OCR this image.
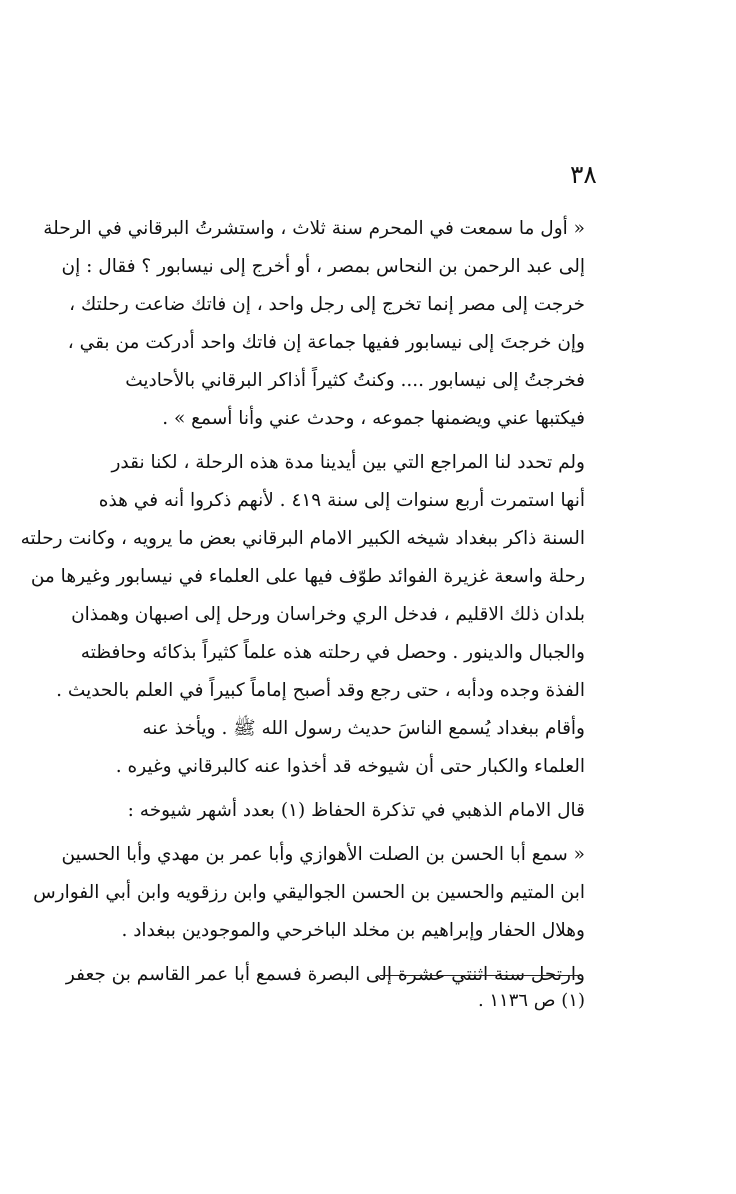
٣٨
« أول ما سمعت في المحرم سنة ثلاث ، واستشرتُ البرقاني في الرحلة
إلى عبد الرحمن بن النحاس بمصر ، أو أخرج إلى نيسابور ؟ فقال : إن
خرجت إلى مصر إنما تخرج إلى رجل واحد ، إن فاتك ضاعت رحلتك ،
وإن خرجتَ إلى نيسابور ففيها جماعة إن فاتك واحد أدركت من بقي ،
فخرجتُ إلى نيسابور .... وكنتُ كثيراً أذاكر البرقاني بالأحاديث
فيكتبها عني ويضمنها جموعه ، وحدث عني وأنا أسمع » .
ولم تحدد لنا المراجع التي بين أيدينا مدة هذه الرحلة ، لكنا نقدر
أنها استمرت أربع سنوات إلى سنة ٤١٩ . لأنهم ذكروا أنه في هذه
السنة ذاكر ببغداد شيخه الكبير الامام البرقاني بعض ما يرويه ، وكانت رحلته
رحلة واسعة غزيرة الفوائد طوّف فيها على العلماء في نيسابور وغيرها من
بلدان ذلك الاقليم ، فدخل الري وخراسان ورحل إلى اصبهان وهمذان
والجبال والدينور . وحصل في رحلته هذه علماً كثيراً بذكائه وحافظته
الفذة وجده ودأبه ، حتى رجع وقد أصبح إماماً كبيراً في العلم بالحديث .
وأقام ببغداد يُسمع الناسَ حديث رسول الله ﷺ . ويأخذ عنه
العلماء والكبار حتى أن شيوخه قد أخذوا عنه كالبرقاني وغيره .
قال الامام الذهبي في تذكرة الحفاظ (١) بعدد أشهر شيوخه :
« سمع أبا الحسن بن الصلت الأهوازي وأبا عمر بن مهدي وأبا الحسين
ابن المتيم والحسين بن الحسن الجواليقي وابن رزقويه وابن أبي الفوارس
وهلال الحفار وإبراهيم بن مخلد الباخرحي والموجودين ببغداد .
وارتحل سنة اثنتي عشرة إلى البصرة فسمع أبا عمر القاسم بن جعفر
(١) ص ١١٣٦ .
